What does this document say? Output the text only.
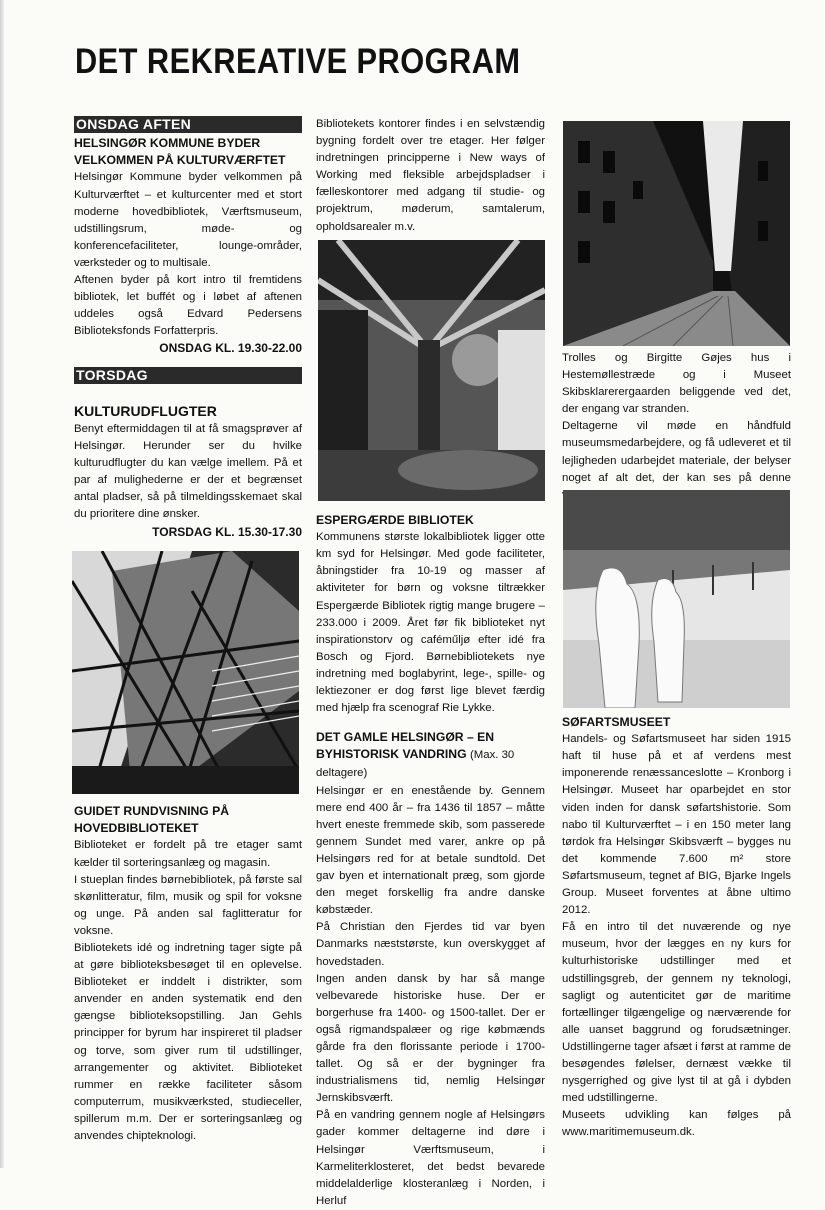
DET REKREATIVE PROGRAM
ONSDAG AFTEN
HELSINGØR KOMMUNE BYDER
VELKOMMEN PÅ KULTURVÆRFTET

Helsingør Kommune byder velkommen på Kulturværftet – et kulturcenter med et stort moderne hovedbibliotek, Værftsmuseum, udstillingsrum, møde- og konferencefaciliteter, lounge-områder, værksteder og to multisale.

Aftenen byder på kort intro til fremtidens bibliotek, let buffét og i løbet af aftenen uddeles også Edvard Pedersens Biblioteksfonds Forfatterpris.

ONSDAG KL. 19.30-22.00
TORSDAG
KULTURUDFLUGTER

Benyt eftermiddagen til at få smagsprøver af Helsingør. Herunder ser du hvilke kulturudflugter du kan vælge imellem. På et par af mulighederne er der et begrænset antal pladser, så på tilmeldingsskemaet skal du prioritere dine ønsker.

TORSDAG KL. 15.30-17.30
GUIDET RUNDVISNING PÅ
HOVEDBIBLIOTEKET

Biblioteket er fordelt på tre etager samt kælder til sorteringsanlæg og magasin.

I stueplan findes børnebibliotek, på første sal skønlitteratur, film, musik og spil for voksne og unge. På anden sal faglitteratur for voksne.

Bibliotekets idé og indretning tager sigte på at gøre biblioteksbesøget til en oplevelse. Biblioteket er inddelt i distrikter, som anvender en anden systematik end den gængse biblioteksopstilling. Jan Gehls principper for byrum har inspireret til pladser og torve, som giver rum til udstillinger, arrangementer og aktivitet. Biblioteket rummer en række faciliteter såsom computerrum, musikværksted, studieceller, spillerum m.m. Der er sorteringsanlæg og anvendes chipteknologi.

Bibliotekets kontorer findes i en selvstændig bygning fordelt over tre etager. Her følger indretningen principperne i New ways of Working med fleksible arbejdspladser i fælleskontorer med adgang til studie- og projektrum, møderum, samtalerum, opholdsarealer m.v.

ESPERGÆRDE BIBLIOTEK

Kommunens største lokalbibliotek ligger otte km syd for Helsingør. Med gode faciliteter, åbningstider fra 10-19 og masser af aktiviteter for børn og voksne tiltrækker Espergærde Bibliotek rigtig mange brugere – 233.000 i 2009. Året før fik biblioteket nyt inspirationstorv og caféműljø efter idé fra Bosch og Fjord. Børnebibliotekets nye indretning med boglabyrint, lege-, spille- og lektiezoner er dog først lige blevet færdig med hjælp fra scenograf Rie Lykke.

DET GAMLE HELSINGØR – EN BYHISTORISK VANDRING (Max. 30 deltagere)

Helsingør er en enestående by. Gennem mere end 400 år – fra 1436 til 1857 – måtte hvert eneste fremmede skib, som passerede gennem Sundet med varer, ankre op på Helsingørs red for at betale sundtold. Det gav byen et internationalt præg, som gjorde den meget forskellig fra andre danske købstæder.

På Christian den Fjerdes tid var byen Danmarks næststørste, kun overskygget af hovedstaden.

Ingen anden dansk by har så mange velbevarede historiske huse. Der er borgerhuse fra 1400- og 1500-tallet. Der er også rigmandspalæer og rige købmænds gårde fra den florissante periode i 1700-tallet. Og så er der bygninger fra industrialismens tid, nemlig Helsingør Jernskibsværft.

På en vandring gennem nogle af Helsingørs gader kommer deltagerne ind døre i Helsingør Værftsmuseum, i Karmeliterklosteret, det bedst bevarede middelalderlige klosteranlæg i Norden, i Herluf

Trolles og Birgitte Gøjes hus i Hestemøllestræde og i Museet Skibsklarerergaarden beliggende ved det, der engang var stranden.

Deltagerne vil møde en håndfuld museumsmedarbejdere, og få udleveret et til lejligheden udarbejdet materiale, der belyser noget af alt det, der kan ses på denne

SØFARTSMUSEET

Handels- og Søfartsmuseet har siden 1915 haft til huse på et af verdens mest imponerende renæssanceslotte – Kronborg i Helsingør. Museet har oparbejdet en stor viden inden for dansk søfartshistorie. Som nabo til Kulturværftet – i en 150 meter lang tørdok fra Helsingør Skibsværft – bygges nu det kommende 7.600 m² store Søfartsmuseum, tegnet af BIG, Bjarke Ingels Group. Museet forventes at åbne ultimo 2012.

Få en intro til det nuværende og nye museum, hvor der lægges en ny kurs for kulturhistoriske udstillinger med et udstillingsgreb, der gennem ny teknologi, sagligt og autenticitet gør de maritime fortællinger tilgængelige og nærværende for alle uanset baggrund og forudsætninger. Udstillingerne tager afsæt i først at ramme de besøgendes følelser, dernæst vække til nysgerrighed og give lyst til at gå i dybden med udstillingerne.

Museets udvikling kan følges på www.maritimemuseum.dk.
